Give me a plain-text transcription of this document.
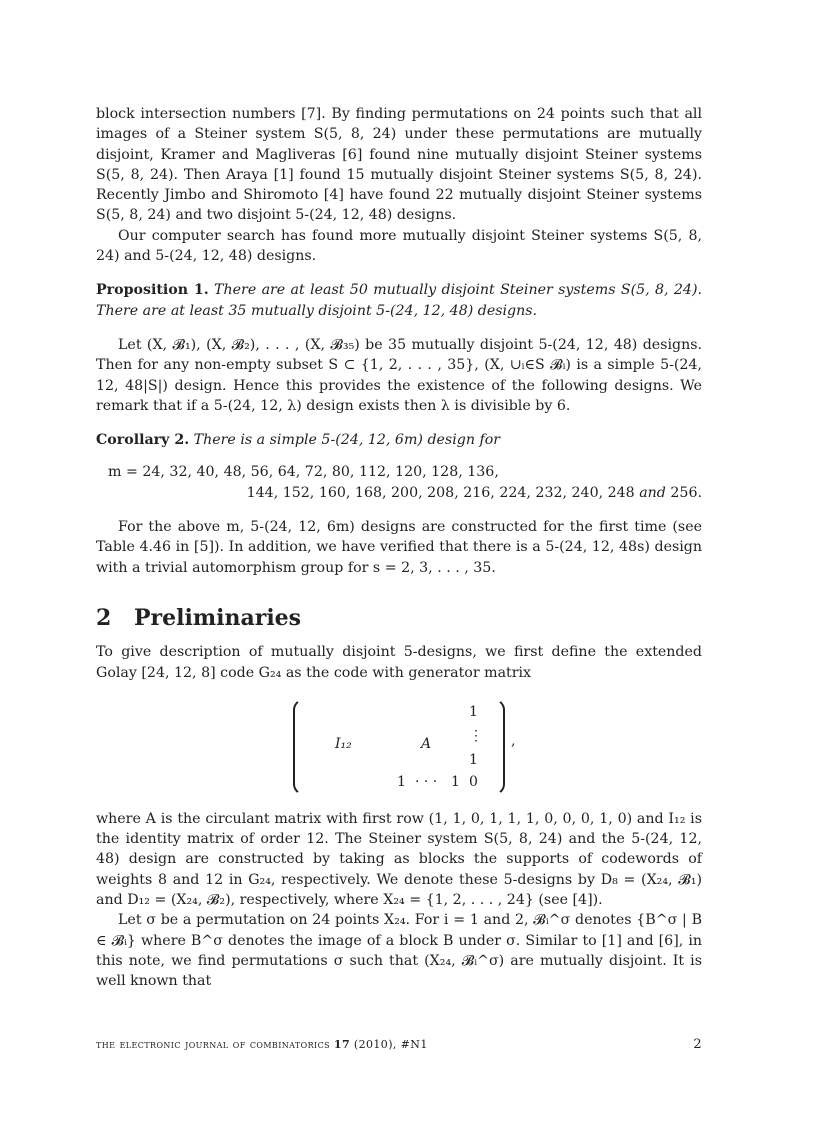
block intersection numbers [7]. By finding permutations on 24 points such that all images of a Steiner system S(5, 8, 24) under these permutations are mutually disjoint, Kramer and Magliveras [6] found nine mutually disjoint Steiner systems S(5, 8, 24). Then Araya [1] found 15 mutually disjoint Steiner systems S(5, 8, 24). Recently Jimbo and Shiromoto [4] have found 22 mutually disjoint Steiner systems S(5, 8, 24) and two disjoint 5-(24, 12, 48) designs.

Our computer search has found more mutually disjoint Steiner systems S(5, 8, 24) and 5-(24, 12, 48) designs.

Proposition 1. There are at least 50 mutually disjoint Steiner systems S(5, 8, 24). There are at least 35 mutually disjoint 5-(24, 12, 48) designs.

Let (X, 𝓑₁), (X, 𝓑₂), . . . , (X, 𝓑₃₅) be 35 mutually disjoint 5-(24, 12, 48) designs. Then for any non-empty subset S ⊂ {1, 2, . . . , 35}, (X, ∪ᵢ∈S 𝓑ᵢ) is a simple 5-(24, 12, 48|S|) design. Hence this provides the existence of the following designs. We remark that if a 5-(24, 12, λ) design exists then λ is divisible by 6.

Corollary 2. There is a simple 5-(24, 12, 6m) design for

m = 24, 32, 40, 48, 56, 64, 72, 80, 112, 120, 128, 136,
144, 152, 160, 168, 200, 208, 216, 224, 232, 240, 248 and 256.

For the above m, 5-(24, 12, 6m) designs are constructed for the first time (see Table 4.46 in [5]). In addition, we have verified that there is a 5-(24, 12, 48s) design with a trivial automorphism group for s = 2, 3, . . . , 35.

2 Preliminaries

To give description of mutually disjoint 5-designs, we first define the extended Golay [24, 12, 8] code G₂₄ as the code with generator matrix

I₁₂	A
1
⋮
1
1 · · · 1 0
,

where A is the circulant matrix with first row (1, 1, 0, 1, 1, 1, 0, 0, 0, 1, 0) and I₁₂ is the identity matrix of order 12. The Steiner system S(5, 8, 24) and the 5-(24, 12, 48) design are constructed by taking as blocks the supports of codewords of weights 8 and 12 in G₂₄, respectively. We denote these 5-designs by D₈ = (X₂₄, 𝓑₁) and D₁₂ = (X₂₄, 𝓑₂), respectively, where X₂₄ = {1, 2, . . . , 24} (see [4]).

Let σ be a permutation on 24 points X₂₄. For i = 1 and 2, 𝓑ᵢ^σ denotes {B^σ | B ∈ 𝓑ᵢ} where B^σ denotes the image of a block B under σ. Similar to [1] and [6], in this note, we find permutations σ such that (X₂₄, 𝓑ᵢ^σ) are mutually disjoint. It is well known that

the electronic journal of combinatorics 17 (2010), #N1	2
